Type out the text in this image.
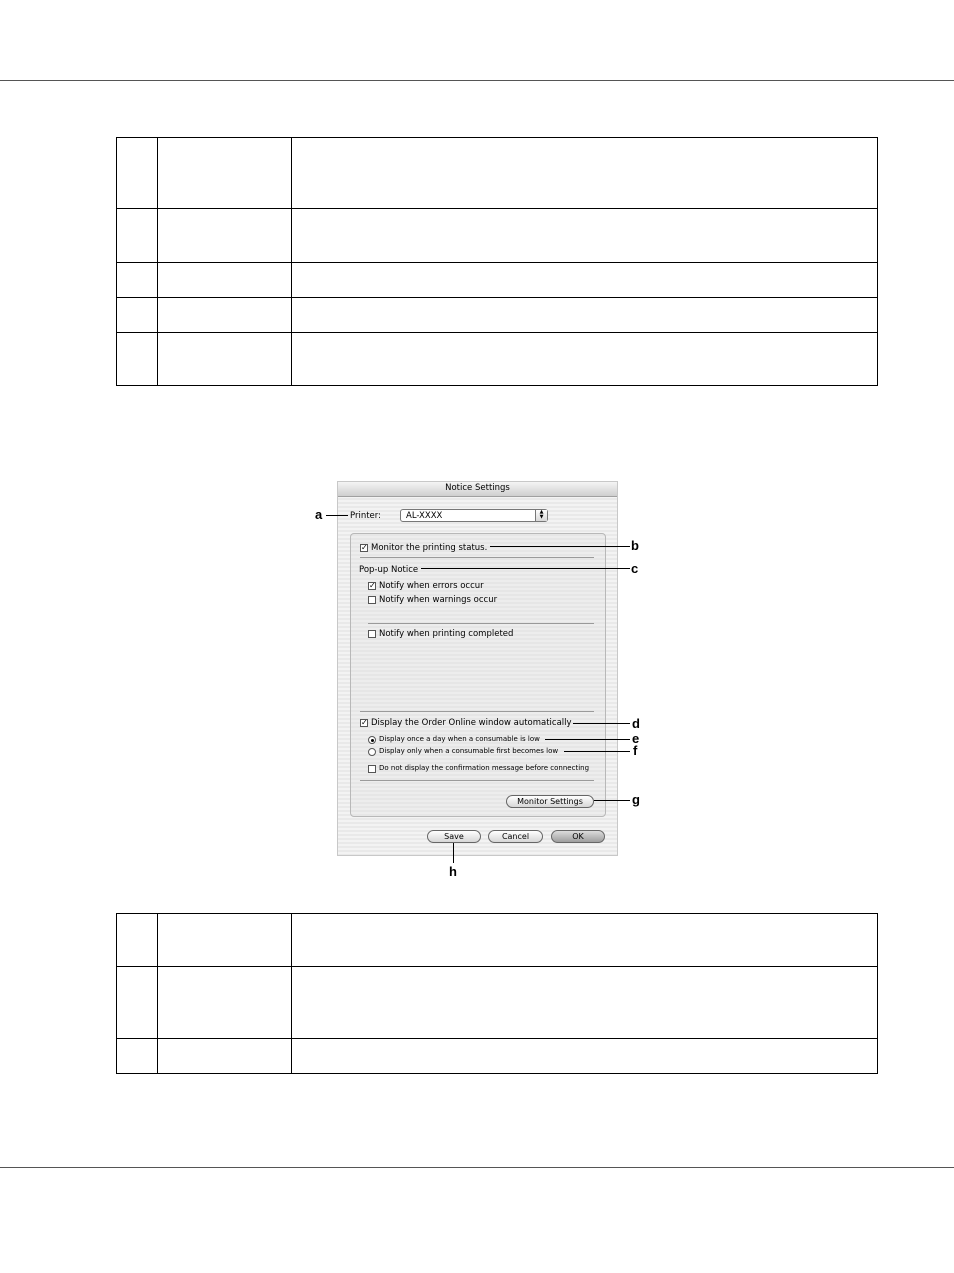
Notice Settings
Printer:	AL-XXXX	▲
▼
✓ Monitor the printing status.
Pop-up Notice
✓ Notify when errors occur
Notify when warnings occur
Notify when printing completed
✓ Display the Order Online window automatically
Display once a day when a consumable is low
Display only when a consumable first becomes low
Do not display the confirmation message before connecting
Monitor Settings
Save	Cancel	OK
a
b
c
d
e
f
g
h
